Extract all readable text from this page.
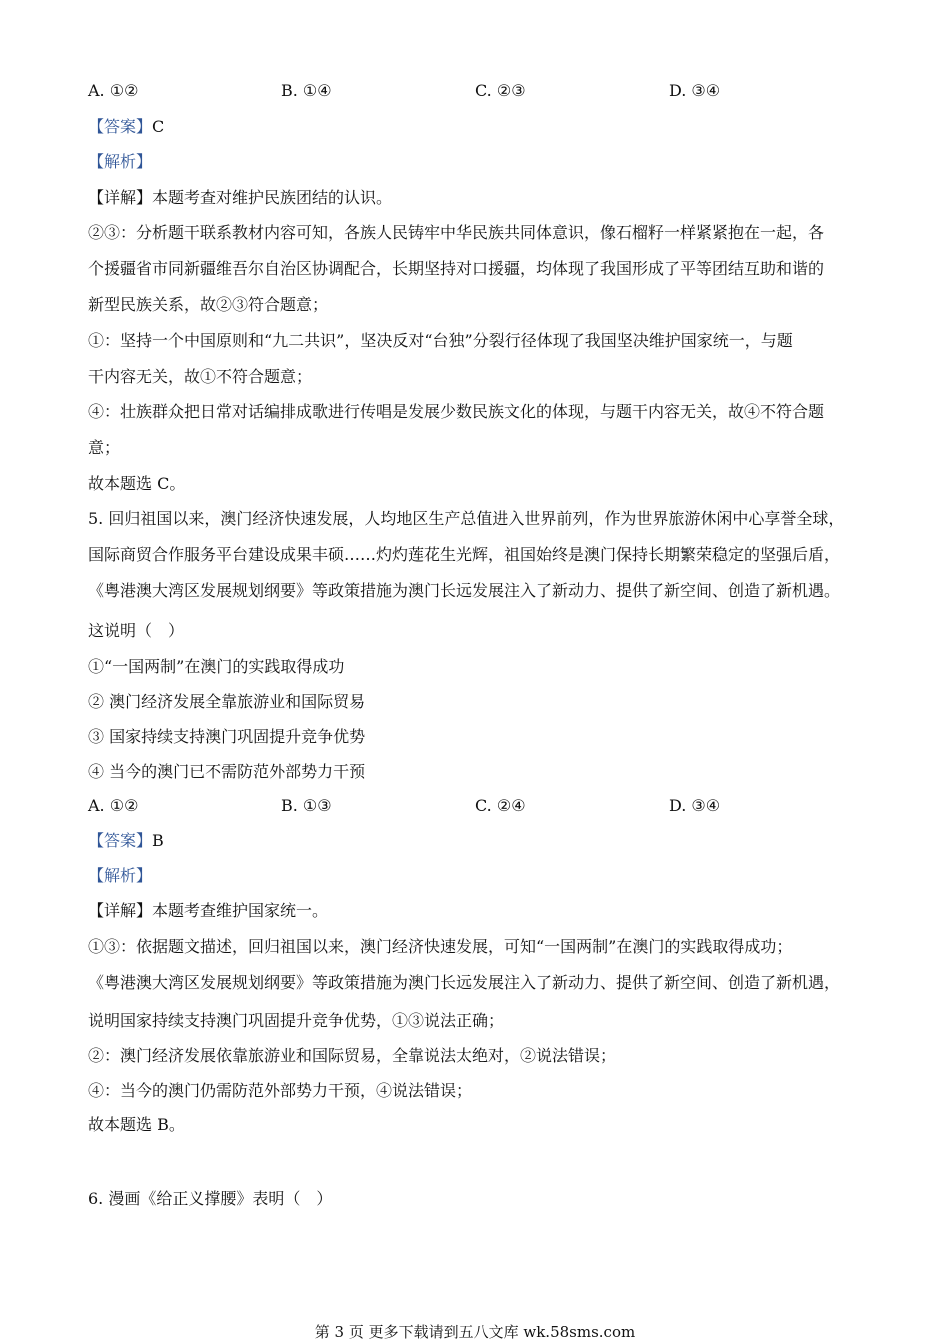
A. ①②	B. ①④	C. ②③	D. ③④
【答案】C
【解析】
【详解】本题考查对维护民族团结的认识。
②③：分析题干联系教材内容可知，各族人民铸牢中华民族共同体意识，像石榴籽一样紧紧抱在一起，各
个援疆省市同新疆维吾尔自治区协调配合，长期坚持对口援疆，均体现了我国形成了平等团结互助和谐的
新型民族关系，故②③符合题意；
①：坚持一个中国原则和“九二共识”，坚决反对“台独”分裂行径体现了我国坚决维护国家统一，与题
干内容无关，故①不符合题意；
④：壮族群众把日常对话编排成歌进行传唱是发展少数民族文化的体现，与题干内容无关，故④不符合题
意；
故本题选 C。
5. 回归祖国以来，澳门经济快速发展，人均地区生产总值进入世界前列，作为世界旅游休闲中心享誉全球，
国际商贸合作服务平台建设成果丰硕……灼灼莲花生光辉，祖国始终是澳门保持长期繁荣稳定的坚强后盾，
《粤港澳大湾区发展规划纲要》等政策措施为澳门长远发展注入了新动力、提供了新空间、创造了新机遇。
这说明（　）
①“一国两制”在澳门的实践取得成功
② 澳门经济发展全靠旅游业和国际贸易
③ 国家持续支持澳门巩固提升竞争优势
④ 当今的澳门已不需防范外部势力干预
A. ①②	B. ①③	C. ②④	D. ③④
【答案】B
【解析】
【详解】本题考查维护国家统一。
①③：依据题文描述，回归祖国以来，澳门经济快速发展，可知“一国两制”在澳门的实践取得成功；
《粤港澳大湾区发展规划纲要》等政策措施为澳门长远发展注入了新动力、提供了新空间、创造了新机遇，
说明国家持续支持澳门巩固提升竞争优势，①③说法正确；
②：澳门经济发展依靠旅游业和国际贸易，全靠说法太绝对，②说法错误；
④：当今的澳门仍需防范外部势力干预，④说法错误；
故本题选 B。
6. 漫画《给正义撑腰》表明（　）
第 3 页 更多下载请到五八文库 wk.58sms.com
